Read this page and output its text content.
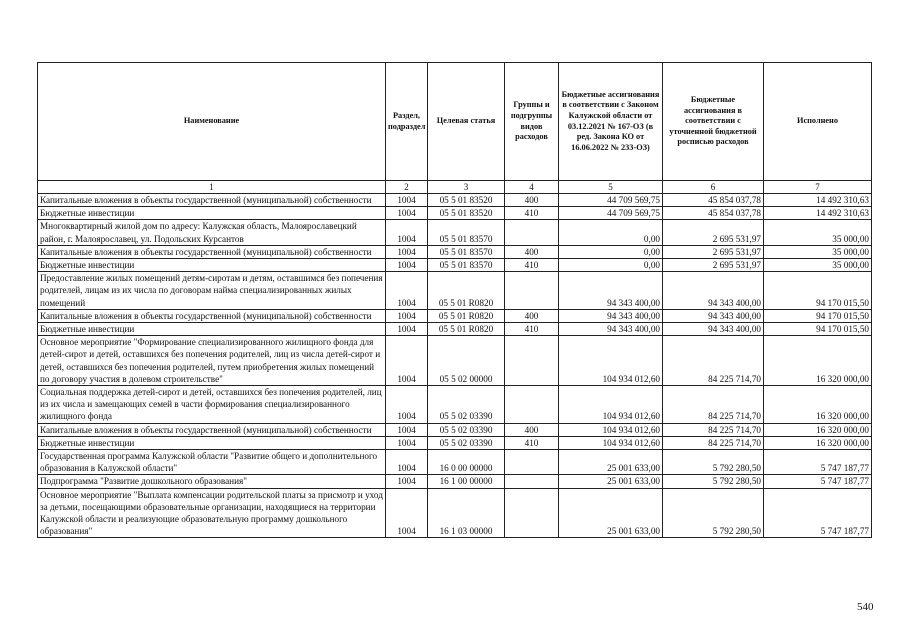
Наименование	Раздел, подраздел	Целевая статья	Группы и подгруппы видов расходов	Бюджетные ассигнования в соответствии с Законом Калужской области от 03.12.2021 № 167-ОЗ (в ред. Закона КО от 16.06.2022 № 233-ОЗ)	Бюджетные ассигнования в соответствии с уточненной бюджетной росписью расходов	Исполнено
1	2	3	4	5	6	7
Капитальные вложения в объекты государственной (муниципальной) собственности	1004	05 5 01 83520	400	44 709 569,75	45 854 037,78	14 492 310,63
Бюджетные инвестиции	1004	05 5 01 83520	410	44 709 569,75	45 854 037,78	14 492 310,63
Многоквартирный жилой дом по адресу: Калужская область, Малоярославецкий район, г. Малоярославец, ул. Подольских Курсантов	1004	05 5 01 83570		0,00	2 695 531,97	35 000,00
Капитальные вложения в объекты государственной (муниципальной) собственности	1004	05 5 01 83570	400	0,00	2 695 531,97	35 000,00
Бюджетные инвестиции	1004	05 5 01 83570	410	0,00	2 695 531,97	35 000,00
Предоставление жилых помещений детям-сиротам и детям, оставшимся без попечения родителей, лицам из их числа по договорам найма специализированных жилых помещений	1004	05 5 01 R0820		94 343 400,00	94 343 400,00	94 170 015,50
Капитальные вложения в объекты государственной (муниципальной) собственности	1004	05 5 01 R0820	400	94 343 400,00	94 343 400,00	94 170 015,50
Бюджетные инвестиции	1004	05 5 01 R0820	410	94 343 400,00	94 343 400,00	94 170 015,50
Основное мероприятие "Формирование специализированного жилищного фонда для детей-сирот и детей, оставшихся без попечения родителей, лиц из числа детей-сирот и детей, оставшихся без попечения родителей, путем приобретения жилых помещений по договору участия в долевом строительстве"	1004	05 5 02 00000		104 934 012,60	84 225 714,70	16 320 000,00
Социальная поддержка детей-сирот и детей, оставшихся без попечения родителей, лиц из их числа и замещающих семей в части формирования специализированного жилищного фонда	1004	05 5 02 03390		104 934 012,60	84 225 714,70	16 320 000,00
Капитальные вложения в объекты государственной (муниципальной) собственности	1004	05 5 02 03390	400	104 934 012,60	84 225 714,70	16 320 000,00
Бюджетные инвестиции	1004	05 5 02 03390	410	104 934 012,60	84 225 714,70	16 320 000,00
Государственная программа Калужской области "Развитие общего и дополнительного образования в Калужской области"	1004	16 0 00 00000		25 001 633,00	5 792 280,50	5 747 187,77
Подпрограмма "Развитие дошкольного образования"	1004	16 1 00 00000		25 001 633,00	5 792 280,50	5 747 187,77
Основное мероприятие "Выплата компенсации родительской платы за присмотр и уход за детьми, посещающими образовательные организации, находящиеся на территории Калужской области и реализующие образовательную программу дошкольного образования"	1004	16 1 03 00000		25 001 633,00	5 792 280,50	5 747 187,77
540
